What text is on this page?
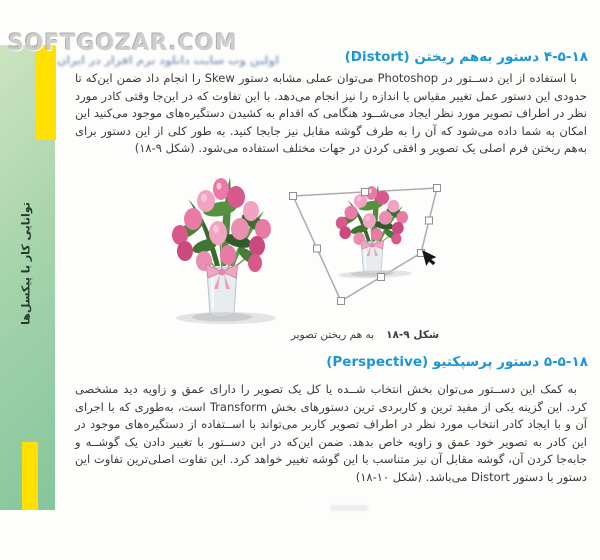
SOFTGOZAR.COM
اولین وب سایت دانلود نرم افزار در ایران
توانایی کار با پیکسل‌ها
۴-۵-۱۸ دستور به‌هم ریختن (Distort)
با استفاده از این دســتور در Photoshop می‌توان عملی مشابه دستور Skew را انجام داد ضمن این‌که تا حدودی این دستور عمل تغییر مقیاس یا اندازه را نیز انجام می‌دهد. با این تفاوت که در این‌جا وقتی کادر مورد نظر در اطراف تصویر مورد نظر ایجاد می‌شــود هنگامی که اقدام به کشیدن دستگیره‌های موجود می‌کنید این امکان به شما داده می‌شود که آن را به طرف گوشه مقابل نیز جابجا کنید. به طور کلی از این دستور برای به‌هم ریختن فرم اصلی یک تصویر و افقی کردن در جهات مختلف استفاده می‌شود. (شکل ۹-۱۸)
شکل ۹-۱۸به هم ریختن تصویر
۵-۵-۱۸ دستور پرسپکتیو (Perspective)
به کمک این دســتور می‌توان بخش انتخاب شــده یا کل یک تصویر را دارای عمق و زاویه دید مشخصی کرد. این گزینه یکی از مفید ترین و کاربردی ترین دستورهای بخش Transform است، به‌طوری که با اجرای آن و با ایجاد کادر انتخاب مورد نظر در اطراف تصویر کاربر می‌تواند با اســتفاده از دستگیره‌های موجود در این کادر به تصویر خود عمق و زاویه خاص بدهد. ضمن این‌که در این دســتور با تغییر دادن یک گوشــه و جابه‌جا کردن آن، گوشه مقابل آن نیز متناسب با این گوشه تغییر خواهد کرد. این تفاوت اصلی‌ترین تفاوت این دستور با دستور Distort می‌باشد. (شکل ۱۰-۱۸)
